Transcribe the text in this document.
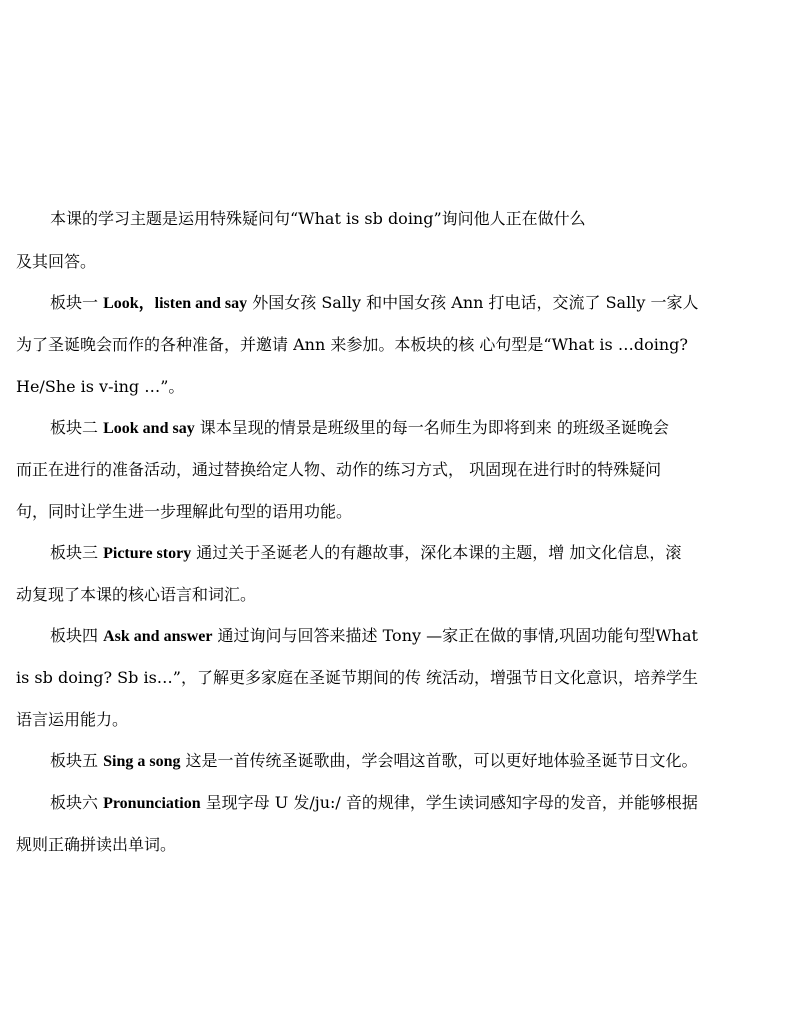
本课的学习主题是运用特殊疑问句“What is sb doing”询问他人正在做什么
及其回答。
板块一 Look，listen and say 外国女孩 Sally 和中国女孩 Ann 打电话，交流了 Sally 一家人
为了圣诞晚会而作的各种准备，并邀请 Ann 来参加。本板块的核 心句型是“What is …doing?
He/She is v-ing …”。
板块二 Look and say 课本呈现的情景是班级里的每一名师生为即将到来 的班级圣诞晚会
而正在进行的准备活动，通过替换给定人物、动作的练习方式， 巩固现在进行时的特殊疑问
句，同时让学生进一步理解此句型的语用功能。
板块三 Picture story 通过关于圣诞老人的有趣故事，深化本课的主题，增 加文化信息，滚
动复现了本课的核心语言和词汇。
板块四 Ask and answer 通过询问与回答来描述 Tony —家正在做的事情,巩固功能句型What
is sb doing? Sb is…”，了解更多家庭在圣诞节期间的传 统活动，增强节日文化意识，培养学生
语言运用能力。
板块五 Sing a song 这是一首传统圣诞歌曲，学会唱这首歌，可以更好地体验圣诞节日文化。
板块六 Pronunciation 呈现字母 U 发/ju:/ 音的规律，学生读词感知字母的发音，并能够根据
规则正确拼读出单词。
